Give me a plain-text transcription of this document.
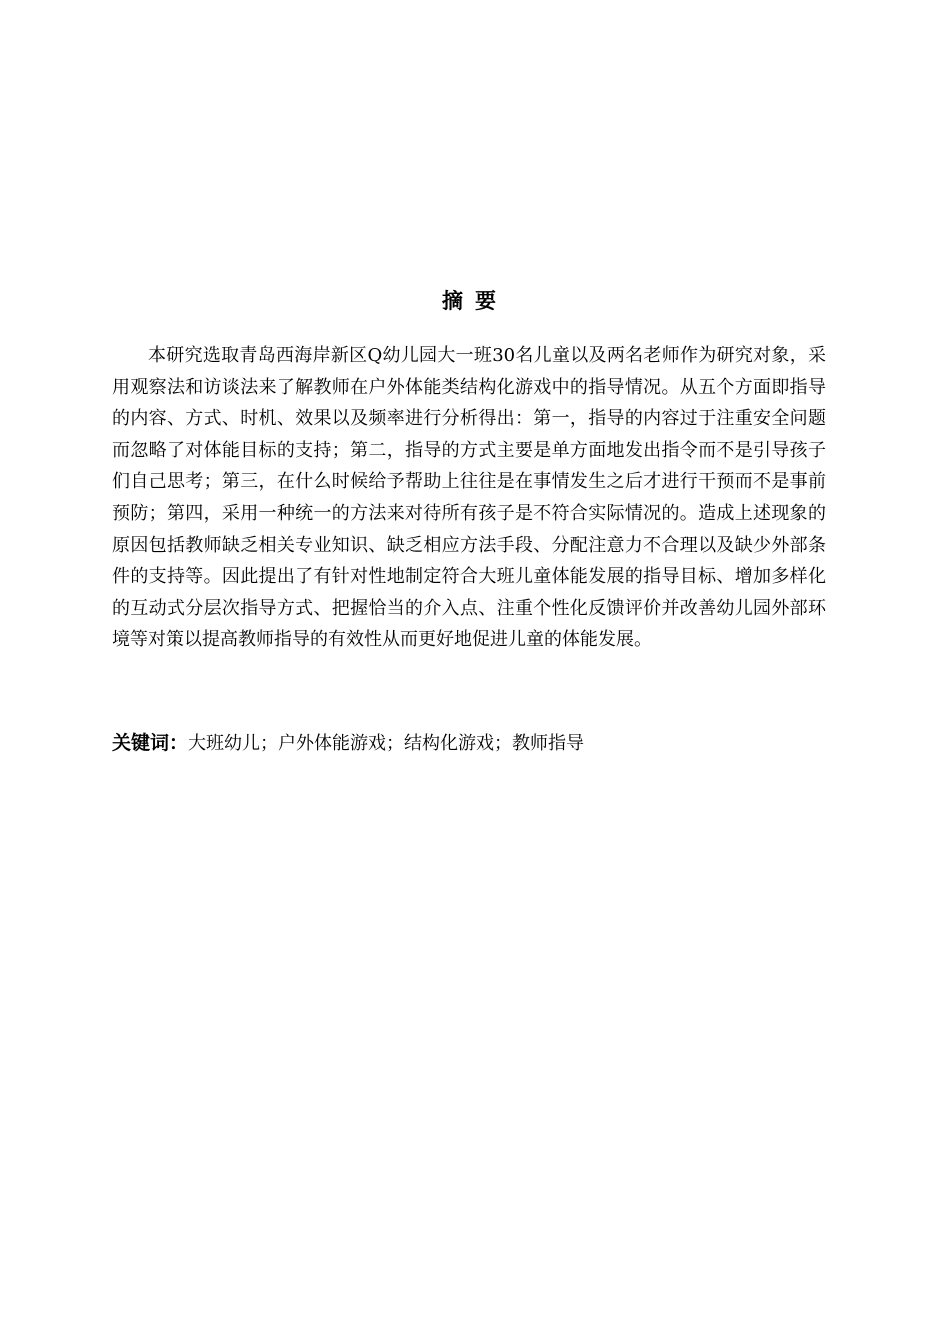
摘要

本研究选取青岛西海岸新区Q幼儿园大一班30名儿童以及两名老师作为研究对象，采用观察法和访谈法来了解教师在户外体能类结构化游戏中的指导情况。从五个方面即指导的内容、方式、时机、效果以及频率进行分析得出：第一，指导的内容过于注重安全问题而忽略了对体能目标的支持；第二，指导的方式主要是单方面地发出指令而不是引导孩子们自己思考；第三，在什么时候给予帮助上往往是在事情发生之后才进行干预而不是事前预防；第四，采用一种统一的方法来对待所有孩子是不符合实际情况的。造成上述现象的原因包括教师缺乏相关专业知识、缺乏相应方法手段、分配注意力不合理以及缺少外部条件的支持等。因此提出了有针对性地制定符合大班儿童体能发展的指导目标、增加多样化的互动式分层次指导方式、把握恰当的介入点、注重个性化反馈评价并改善幼儿园外部环境等对策以提高教师指导的有效性从而更好地促进儿童的体能发展。

关键词：大班幼儿；户外体能游戏；结构化游戏；教师指导
